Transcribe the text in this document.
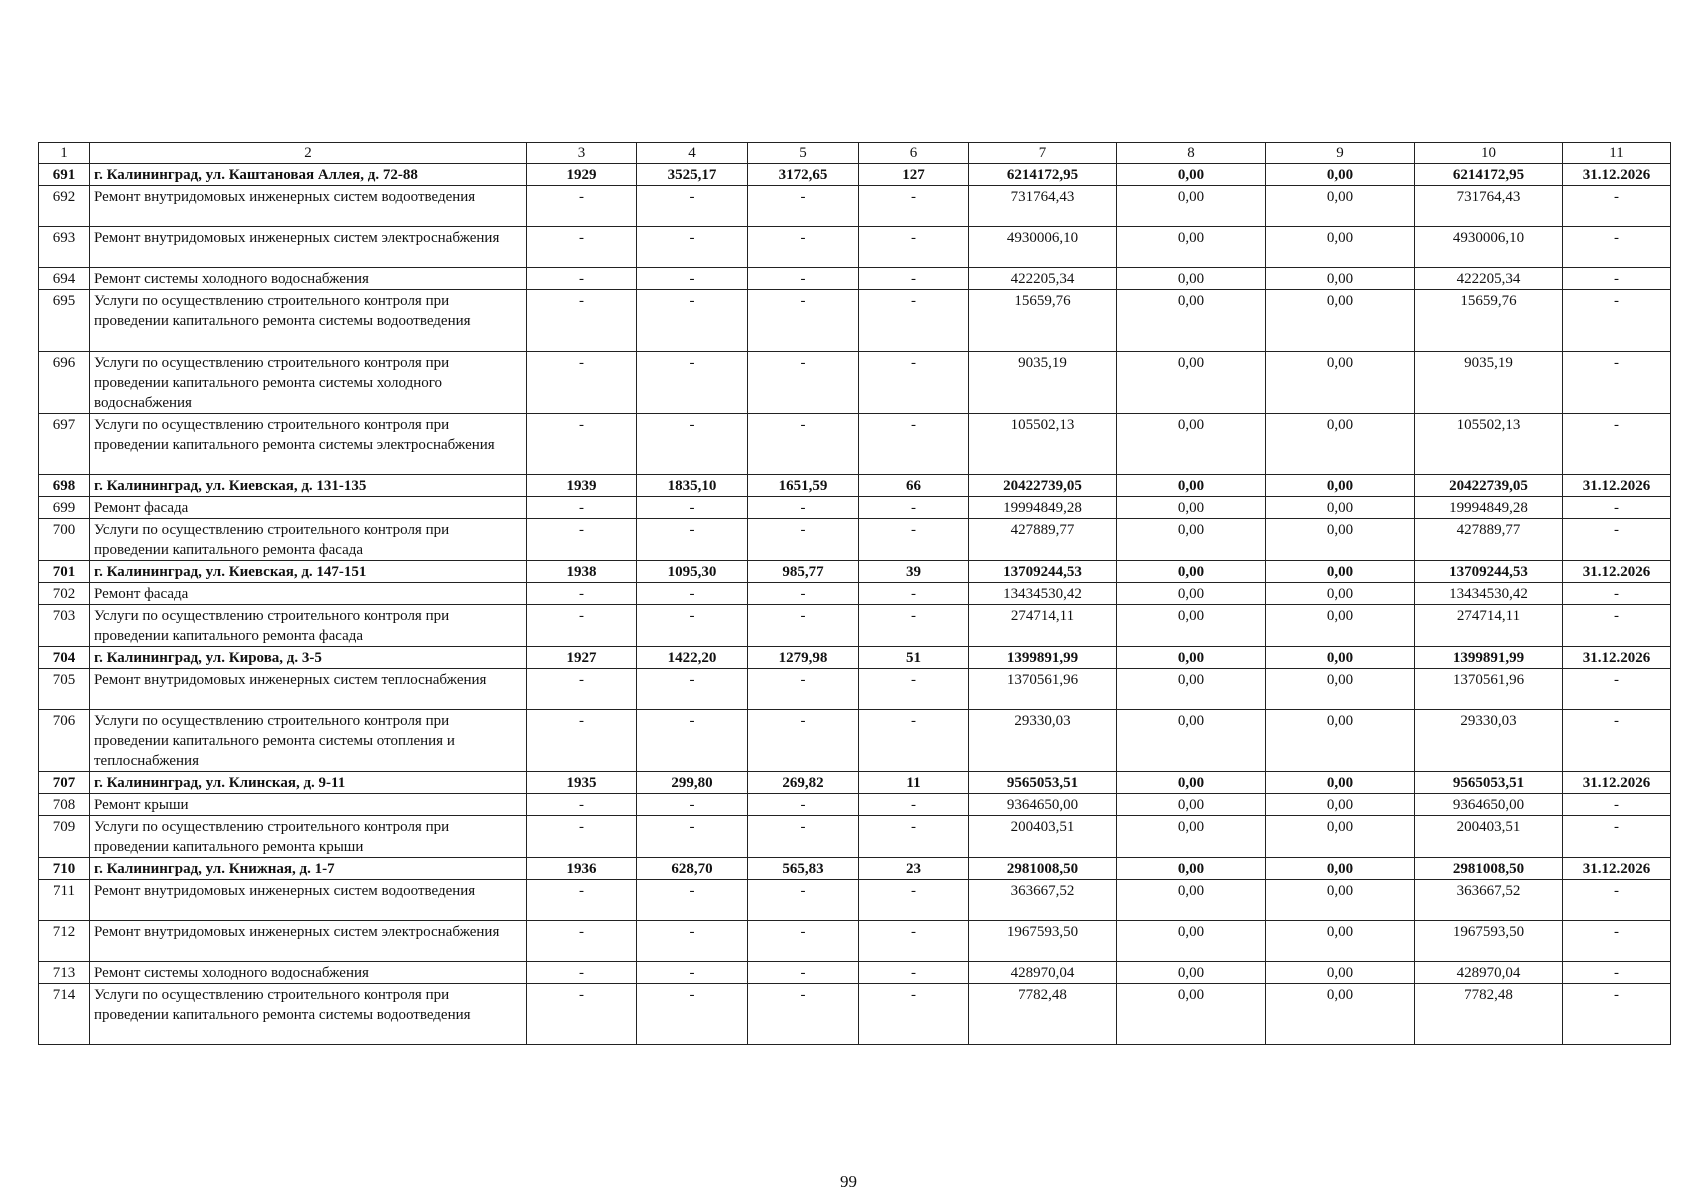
1	2	3	4	5	6	7	8	9	10	11
691	г. Калининград, ул. Каштановая Аллея, д. 72-88	1929	3525,17	3172,65	127	6214172,95	0,00	0,00	6214172,95	31.12.2026
692	Ремонт внутридомовых инженерных систем водоотведения	-	-	-	-	731764,43	0,00	0,00	731764,43	-
693	Ремонт внутридомовых инженерных систем электроснабжения	-	-	-	-	4930006,10	0,00	0,00	4930006,10	-
694	Ремонт системы холодного водоснабжения	-	-	-	-	422205,34	0,00	0,00	422205,34	-
695	Услуги по осуществлению строительного контроля при проведении капитального ремонта системы водоотведения	-	-	-	-	15659,76	0,00	0,00	15659,76	-
696	Услуги по осуществлению строительного контроля при проведении капитального ремонта системы холодного водоснабжения	-	-	-	-	9035,19	0,00	0,00	9035,19	-
697	Услуги по осуществлению строительного контроля при проведении капитального ремонта системы электроснабжения	-	-	-	-	105502,13	0,00	0,00	105502,13	-
698	г. Калининград, ул. Киевская, д. 131-135	1939	1835,10	1651,59	66	20422739,05	0,00	0,00	20422739,05	31.12.2026
699	Ремонт фасада	-	-	-	-	19994849,28	0,00	0,00	19994849,28	-
700	Услуги по осуществлению строительного контроля при проведении капитального ремонта фасада	-	-	-	-	427889,77	0,00	0,00	427889,77	-
701	г. Калининград, ул. Киевская, д. 147-151	1938	1095,30	985,77	39	13709244,53	0,00	0,00	13709244,53	31.12.2026
702	Ремонт фасада	-	-	-	-	13434530,42	0,00	0,00	13434530,42	-
703	Услуги по осуществлению строительного контроля при проведении капитального ремонта фасада	-	-	-	-	274714,11	0,00	0,00	274714,11	-
704	г. Калининград, ул. Кирова, д. 3-5	1927	1422,20	1279,98	51	1399891,99	0,00	0,00	1399891,99	31.12.2026
705	Ремонт внутридомовых инженерных систем теплоснабжения	-	-	-	-	1370561,96	0,00	0,00	1370561,96	-
706	Услуги по осуществлению строительного контроля при проведении капитального ремонта системы отопления и теплоснабжения	-	-	-	-	29330,03	0,00	0,00	29330,03	-
707	г. Калининград, ул. Клинская, д. 9-11	1935	299,80	269,82	11	9565053,51	0,00	0,00	9565053,51	31.12.2026
708	Ремонт крыши	-	-	-	-	9364650,00	0,00	0,00	9364650,00	-
709	Услуги по осуществлению строительного контроля при проведении капитального ремонта крыши	-	-	-	-	200403,51	0,00	0,00	200403,51	-
710	г. Калининград, ул. Книжная, д. 1-7	1936	628,70	565,83	23	2981008,50	0,00	0,00	2981008,50	31.12.2026
711	Ремонт внутридомовых инженерных систем водоотведения	-	-	-	-	363667,52	0,00	0,00	363667,52	-
712	Ремонт внутридомовых инженерных систем электроснабжения	-	-	-	-	1967593,50	0,00	0,00	1967593,50	-
713	Ремонт системы холодного водоснабжения	-	-	-	-	428970,04	0,00	0,00	428970,04	-
714	Услуги по осуществлению строительного контроля при проведении капитального ремонта системы водоотведения	-	-	-	-	7782,48	0,00	0,00	7782,48	-
99
